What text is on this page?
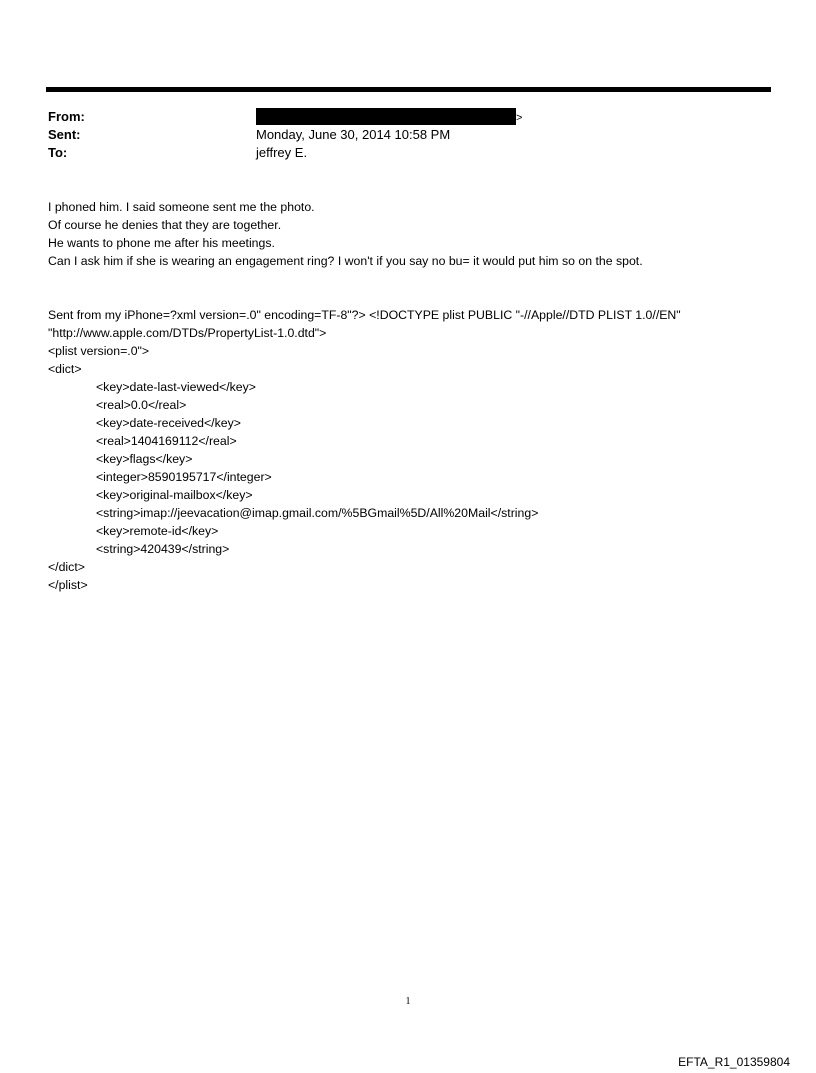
From:	>
Sent:	Monday, June 30, 2014 10:58 PM
To:	jeffrey E.
I phoned him. I said someone sent me the photo.
Of course he denies that they are together.
He wants to phone me after his meetings.
Can I ask him if she is wearing an engagement ring? I won't if you say no bu= it would put him so on the spot.
Sent from my iPhone=?xml version=.0" encoding=TF-8"?> <!DOCTYPE plist PUBLIC "-//Apple//DTD PLIST 1.0//EN"
"http://www.apple.com/DTDs/PropertyList-1.0.dtd">
<plist version=.0">
<dict>
<key>date-last-viewed</key>
<real>0.0</real>
<key>date-received</key>
<real>1404169112</real>
<key>flags</key>
<integer>8590195717</integer>
<key>original-mailbox</key>
<string>imap://jeevacation@imap.gmail.com/%5BGmail%5D/All%20Mail</string>
<key>remote-id</key>
<string>420439</string>
</dict>
</plist>
1
EFTA_R1_01359804
